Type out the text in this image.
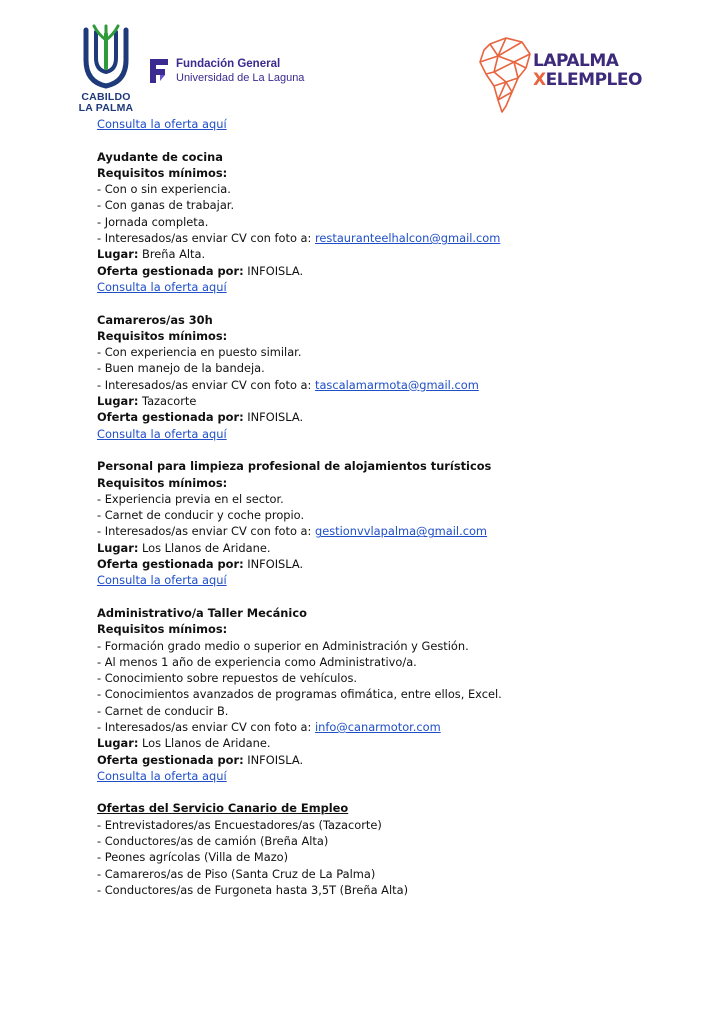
CABILDO
LA PALMA
Fundación General
Universidad de La Laguna
LAPALMA
XELEMPLEO
Consulta la oferta aquí
Ayudante de cocina
Requisitos mínimos:
- Con o sin experiencia.
- Con ganas de trabajar.
- Jornada completa.
- Interesados/as enviar CV con foto a: restauranteelhalcon@gmail.com
Lugar: Breña Alta.
Oferta gestionada por: INFOISLA.
Consulta la oferta aquí
Camareros/as 30h
Requisitos mínimos:
- Con experiencia en puesto similar.
- Buen manejo de la bandeja.
- Interesados/as enviar CV con foto a: tascalamarmota@gmail.com
Lugar: Tazacorte
Oferta gestionada por: INFOISLA.
Consulta la oferta aquí
Personal para limpieza profesional de alojamientos turísticos
Requisitos mínimos:
- Experiencia previa en el sector.
- Carnet de conducir y coche propio.
- Interesados/as enviar CV con foto a: gestionvvlapalma@gmail.com
Lugar: Los Llanos de Aridane.
Oferta gestionada por: INFOISLA.
Consulta la oferta aquí
Administrativo/a Taller Mecánico
Requisitos mínimos:
- Formación grado medio o superior en Administración y Gestión.
- Al menos 1 año de experiencia como Administrativo/a.
- Conocimiento sobre repuestos de vehículos.
- Conocimientos avanzados de programas ofimática, entre ellos, Excel.
- Carnet de conducir B.
- Interesados/as enviar CV con foto a: info@canarmotor.com
Lugar: Los Llanos de Aridane.
Oferta gestionada por: INFOISLA.
Consulta la oferta aquí
Ofertas del Servicio Canario de Empleo
- Entrevistadores/as Encuestadores/as (Tazacorte)
- Conductores/as de camión (Breña Alta)
- Peones agrícolas (Villa de Mazo)
- Camareros/as de Piso (Santa Cruz de La Palma)
- Conductores/as de Furgoneta hasta 3,5T (Breña Alta)
